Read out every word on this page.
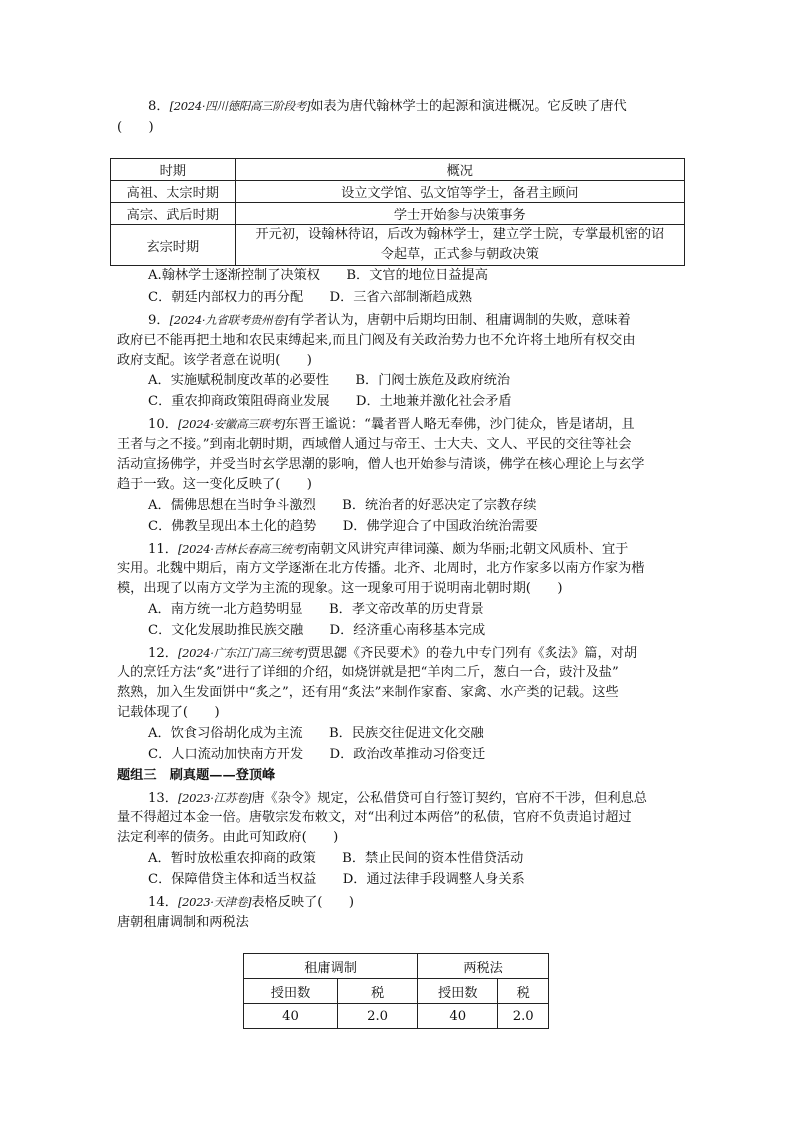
8．[2024·四川德阳高三阶段考]如表为唐代翰林学士的起源和演进概况。它反映了唐代
(　　)
时期	概况
高祖、太宗时期	设立文学馆、弘文馆等学士，备君主顾问
高宗、武后时期	学士开始参与决策事务
玄宗时期	开元初，设翰林待诏，后改为翰林学士，建立学士院，专掌最机密的诏
令起草，正式参与朝政决策
A.翰林学士逐渐控制了决策权　　B．文官的地位日益提高
C．朝廷内部权力的再分配　　D．三省六部制渐趋成熟
9．[2024·九省联考贵州卷]有学者认为，唐朝中后期均田制、租庸调制的失败，意味着
政府已不能再把土地和农民束缚起来,而且门阀及有关政治势力也不允许将土地所有权交由
政府支配。该学者意在说明(　　)
A．实施赋税制度改革的必要性　　B．门阀士族危及政府统治
C．重农抑商政策阻碍商业发展　　D．土地兼并激化社会矛盾
10．[2024·安徽高三联考]东晋王谧说：“曩者晋人略无奉佛，沙门徒众，皆是诸胡，且
王者与之不接。”到南北朝时期，西域僧人通过与帝王、士大夫、文人、平民的交往等社会
活动宣扬佛学，并受当时玄学思潮的影响，僧人也开始参与清谈，佛学在核心理论上与玄学
趋于一致。这一变化反映了(　　)
A．儒佛思想在当时争斗激烈　　B．统治者的好恶决定了宗教存续
C．佛教呈现出本土化的趋势　　D．佛学迎合了中国政治统治需要
11．[2024·吉林长春高三统考]南朝文风讲究声律词藻、颇为华丽;北朝文风质朴、宜于
实用。北魏中期后，南方文学逐渐在北方传播。北齐、北周时，北方作家多以南方作家为楷
模，出现了以南方文学为主流的现象。这一现象可用于说明南北朝时期(　　)
A．南方统一北方趋势明显　　B．孝文帝改革的历史背景
C．文化发展助推民族交融　　D．经济重心南移基本完成
12．[2024·广东江门高三统考]贾思勰《齐民要术》的卷九中专门列有《炙法》篇，对胡
人的烹饪方法“炙”进行了详细的介绍，如烧饼就是把“羊肉二斤，葱白一合，豉汁及盐”
熬熟，加入生发面饼中“炙之”，还有用“炙法”来制作家畜、家禽、水产类的记载。这些
记载体现了(　　)
A．饮食习俗胡化成为主流　　B．民族交往促进文化交融
C．人口流动加快南方开发　　D．政治改革推动习俗变迁
题组三　刷真题——登顶峰
13．[2023·江苏卷]唐《杂令》规定，公私借贷可自行签订契约，官府不干涉，但利息总
量不得超过本金一倍。唐敬宗发布敕文，对“出利过本两倍”的私债，官府不负责追讨超过
法定利率的债务。由此可知政府(　　)
A．暂时放松重农抑商的政策　　B．禁止民间的资本性借贷活动
C．保障借贷主体和适当权益　　D．通过法律手段调整人身关系
14．[2023·天津卷]表格反映了(　　)
唐朝租庸调制和两税法
租庸调制		两税法	
授田数	税	授田数	税
40	2.0	40	2.0
